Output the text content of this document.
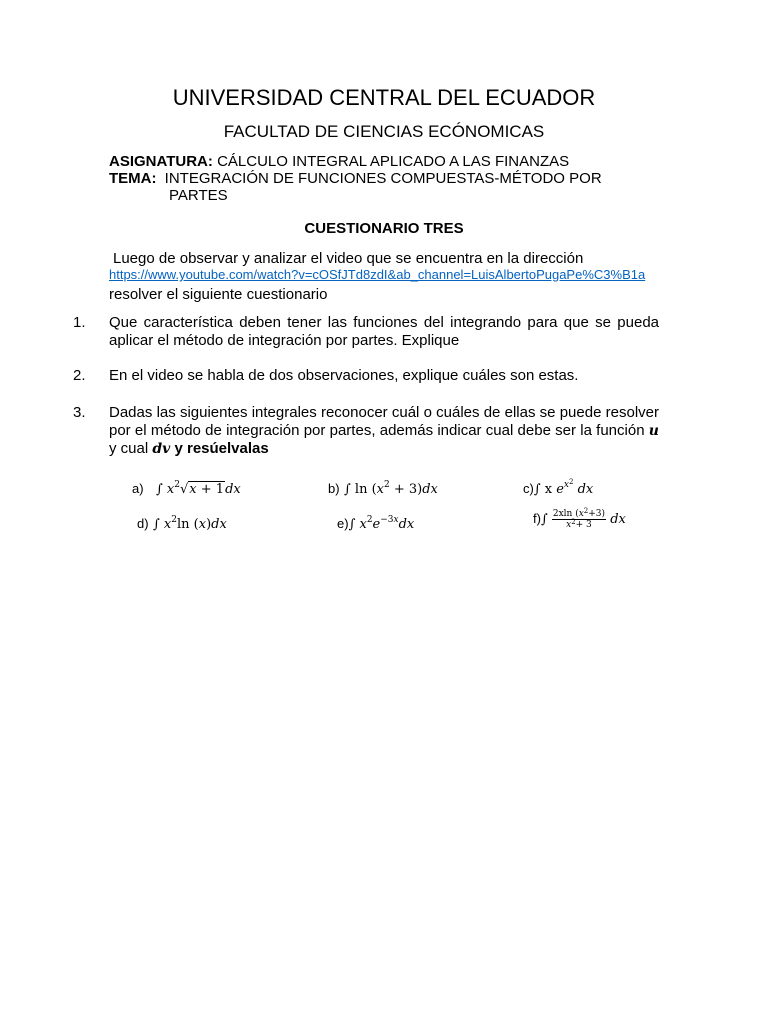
UNIVERSIDAD CENTRAL DEL ECUADOR
FACULTAD DE CIENCIAS ECÓNOMICAS
ASIGNATURA: CÁLCULO INTEGRAL APLICADO A LAS FINANZAS
TEMA: INTEGRACIÓN DE FUNCIONES COMPUESTAS-MÉTODO POR
PARTES
CUESTIONARIO TRES
Luego de observar y analizar el video que se encuentra en la dirección
https://www.youtube.com/watch?v=cOSfJTd8zdI&ab_channel=LuisAlbertoPugaPe%C3%B1a
resolver el siguiente cuestionario
1. Que característica deben tener las funciones del integrando para que se pueda aplicar el método de integración por partes. Explique
2. En el video se habla de dos observaciones, explique cuáles son estas.
3. Dadas las siguientes integrales reconocer cuál o cuáles de ellas se puede resolver por el método de integración por partes, además indicar cual debe ser la función u y cual dv y resúelvalas
a) ∫ $x^2√x + 1dx$	b) ∫ $\ln (x^2 + 3)dx$	c)∫ x $e^{x^2}$ dx
d) ∫ $x^2\ln$ (x)dx	e)∫ $x^2e^{-3x}dx$	$f)\int \frac{2xln (x^2+3)}{x^2+ 3}$ dx
